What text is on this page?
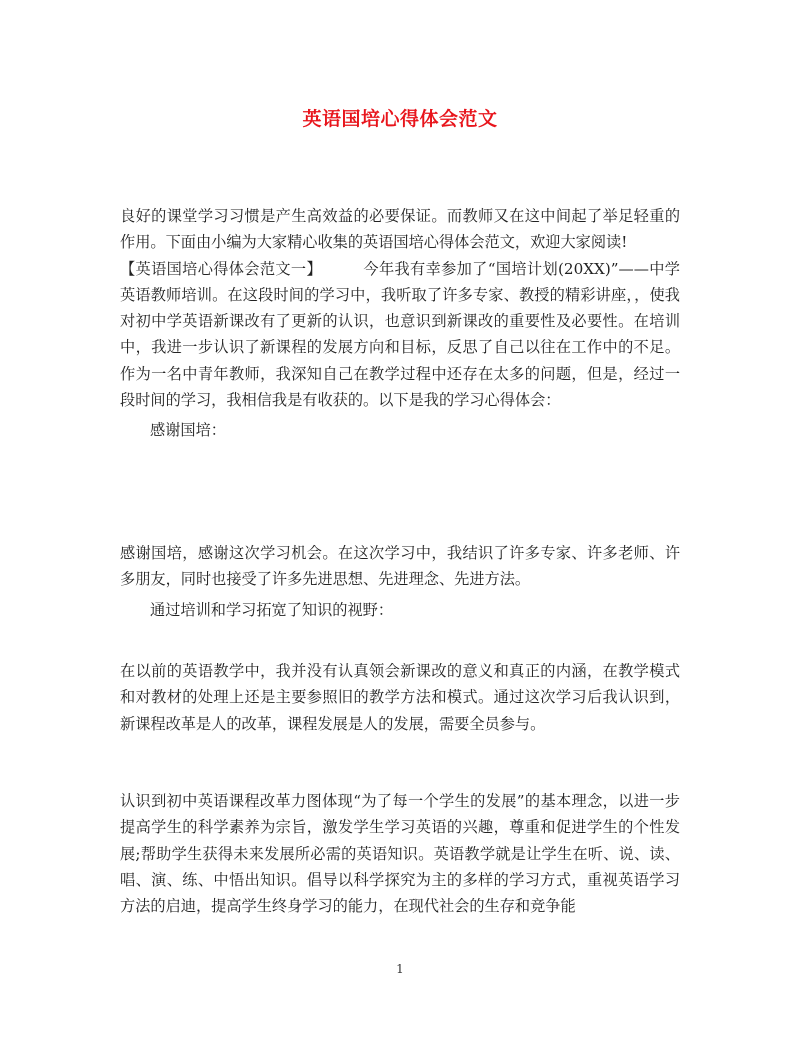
英语国培心得体会范文

良好的课堂学习习惯是产生高效益的必要保证。而教师又在这中间起了举足轻重的作用。下面由小编为大家精心收集的英语国培心得体会范文，欢迎大家阅读!

【英语国培心得体会范文一】        今年我有幸参加了“国培计划(20XX)”——中学英语教师培训。在这段时间的学习中，我听取了许多专家、教授的精彩讲座，，使我对初中学英语新课改有了更新的认识，也意识到新课改的重要性及必要性。在培训中，我进一步认识了新课程的发展方向和目标，反思了自己以往在工作中的不足。作为一名中青年教师，我深知自己在教学过程中还存在太多的问题，但是，经过一段时间的学习，我相信我是有收获的。以下是我的学习心得体会：

感谢国培：

感谢国培，感谢这次学习机会。在这次学习中，我结识了许多专家、许多老师、许多朋友，同时也接受了许多先进思想、先进理念、先进方法。

通过培训和学习拓宽了知识的视野：

在以前的英语教学中，我并没有认真领会新课改的意义和真正的内涵，在教学模式和对教材的处理上还是主要参照旧的教学方法和模式。通过这次学习后我认识到，新课程改革是人的改革，课程发展是人的发展，需要全员参与。

认识到初中英语课程改革力图体现“为了每一个学生的发展”的基本理念，以进一步提高学生的科学素养为宗旨，激发学生学习英语的兴趣，尊重和促进学生的个性发展;帮助学生获得未来发展所必需的英语知识。英语教学就是让学生在听、说、读、唱、演、练、中悟出知识。倡导以科学探究为主的多样的学习方式，重视英语学习方法的启迪，提高学生终身学习的能力，在现代社会的生存和竞争能

1
